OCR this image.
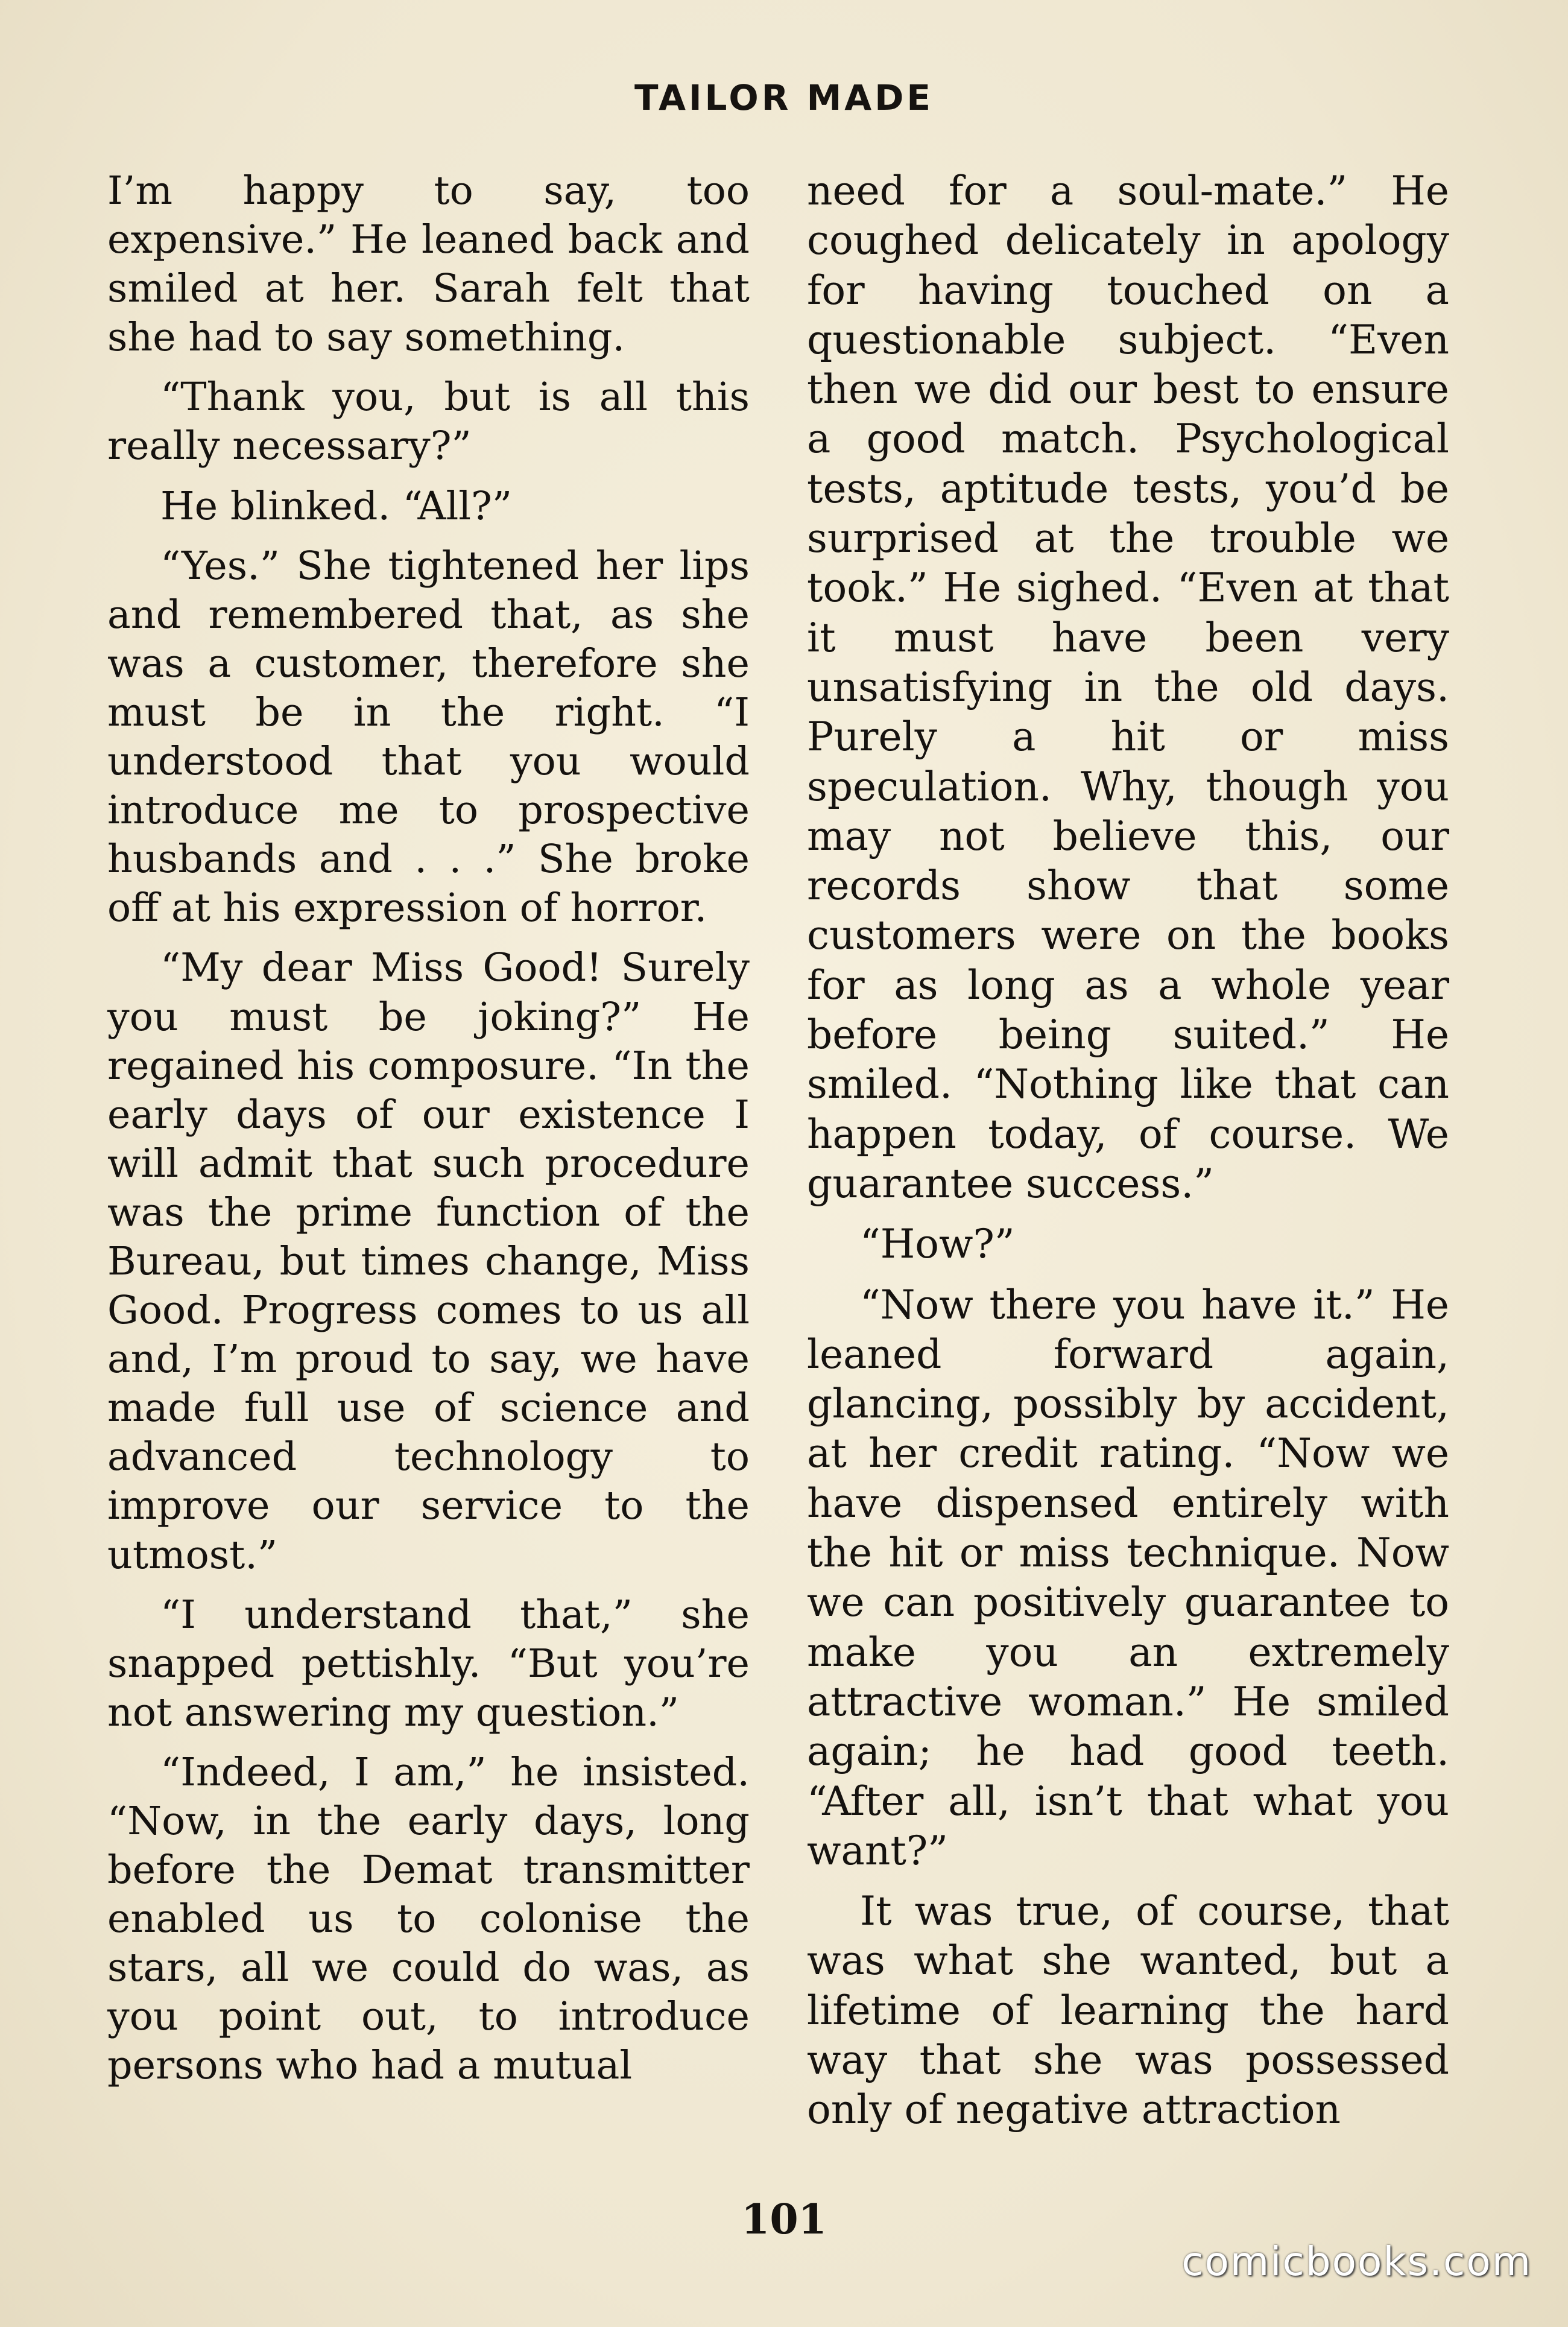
TAILOR MADE

I’m happy to say, too expensive.” He leaned back and smiled at her. Sarah felt that she had to say something.

“Thank you, but is all this really necessary?”

He blinked. “All?”

“Yes.” She tightened her lips and remembered that, as she was a customer, therefore she must be in the right. “I understood that you would introduce me to prospective husbands and . . .” She broke off at his expression of horror.

“My dear Miss Good! Surely you must be joking?” He regained his composure. “In the early days of our existence I will admit that such procedure was the prime function of the Bureau, but times change, Miss Good. Progress comes to us all and, I’m proud to say, we have made full use of science and advanced technology to improve our service to the utmost.”

“I understand that,” she snapped pettishly. “But you’re not answering my question.”

“Indeed, I am,” he insisted. “Now, in the early days, long before the Demat transmitter enabled us to colonise the stars, all we could do was, as you point out, to introduce persons who had a mutual

need for a soul-mate.” He coughed delicately in apology for having touched on a questionable subject. “Even then we did our best to ensure a good match. Psychological tests, aptitude tests, you’d be surprised at the trouble we took.” He sighed. “Even at that it must have been very unsatisfying in the old days. Purely a hit or miss speculation. Why, though you may not believe this, our records show that some customers were on the books for as long as a whole year before being suited.” He smiled. “Nothing like that can happen today, of course. We guarantee success.”

“How?”

“Now there you have it.” He leaned forward again, glancing, possibly by accident, at her credit rating. “Now we have dispensed entirely with the hit or miss technique. Now we can positively guarantee to make you an extremely attractive woman.” He smiled again; he had good teeth. “After all, isn’t that what you want?”

It was true, of course, that was what she wanted, but a lifetime of learning the hard way that she was possessed only of negative attraction

101
comicbooks.com
